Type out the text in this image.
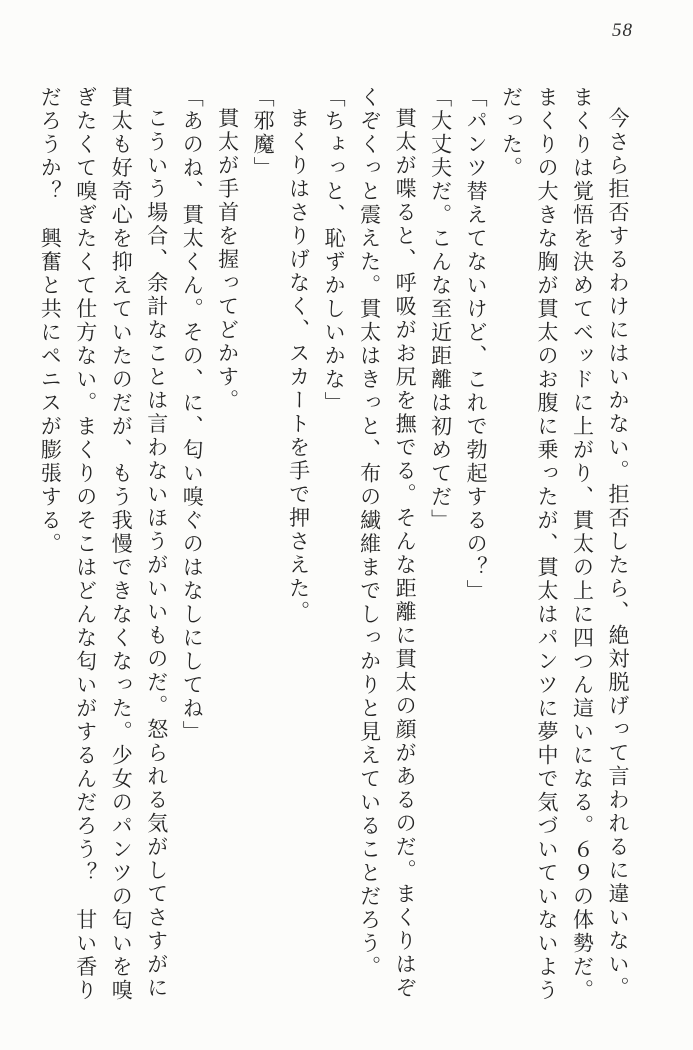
58

今さら拒否するわけにはいかない。拒否したら、絶対脱げって言われるに違いない。まくりは覚悟を決めてベッドに上がり、貫太の上に四つん這いになる。６９の体勢だ。まくりの大きな胸が貫太のお腹に乗ったが、貫太はパンツに夢中で気づいていないようだった。

「パンツ替えてないけど、これで勃起するの？」

「大丈夫だ。こんな至近距離は初めてだ」

貫太が喋ると、呼吸がお尻を撫でる。そんな距離に貫太の顔があるのだ。まくりはぞくぞくっと震えた。貫太はきっと、布の繊維までしっかりと見えていることだろう。

「ちょっと、恥ずかしいかな」

まくりはさりげなく、スカートを手で押さえた。

「邪魔」

貫太が手首を握ってどかす。

「あのね、貫太くん。その、に、匂い嗅ぐのはなしにしてね」

こういう場合、余計なことは言わないほうがいいものだ。怒られる気がしてさすがに貫太も好奇心を抑えていたのだが、もう我慢できなくなった。少女のパンツの匂いを嗅ぎたくて嗅ぎたくて仕方ない。まくりのそこはどんな匂いがするんだろう？　甘い香りだろうか？　興奮と共にペニスが膨張する。
